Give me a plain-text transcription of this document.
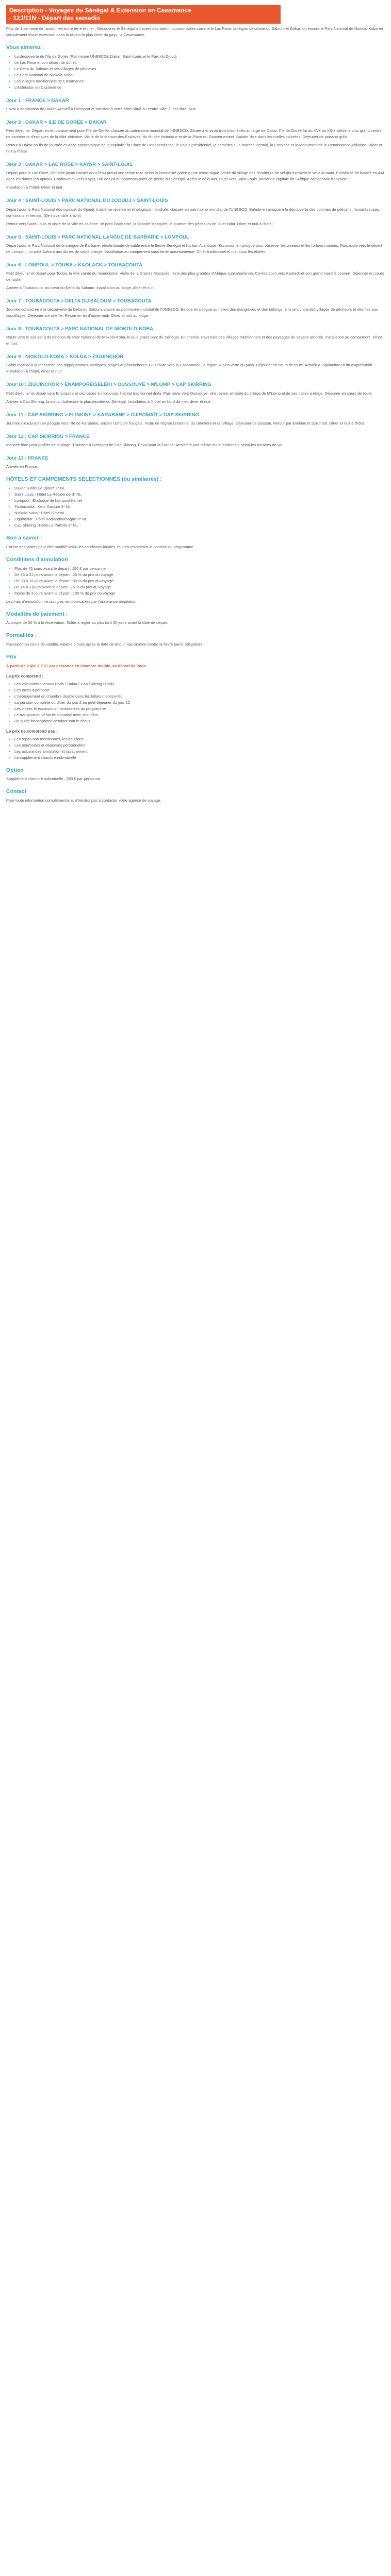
Description - Voyages du Sénégal & Extension en Casamance
- 12J/11N - Départ des samedis

Plus de 1 semaine de randonnée entre terre et mer : Découvrez le Sénégal à travers des sites incontournables comme le Lac Rose, la région deltaïque du Saloum et Dakar, ou encore le Parc National de Niokolo-Koba en complément d'une extension dans la région la plus verte du pays, la Casamance.

Vous aimerez :
• La découverte de l'île de Gorée (Patrimoine UNESCO), Dakar, Saint-Louis et le Parc du Djoudj
• Le Lac Rose et son désert de dunes
• Le Delta du Saloum et ses villages de pêcheurs
• Le Parc National de Niokolo-Koba
• Les villages traditionnels de Casamance
• L'Extension en Casamance
Jour 1 : FRANCE > DAKAR

Envol à destination de Dakar. Accueil à l'aéroport et transfert à votre hôtel situé au centre-ville. Dîner libre. Nuit.

Jour 2 : DAKAR > ILE DE GORÉE > DAKAR

Petit déjeuner. Départ en embarquement pour l'île de Gorée, classée au patrimoine mondial de l'UNESCO. Située à environ trois kilomètres au large de Dakar, l'île de Gorée fut du XVe au XIXe siècle le plus grand centre de commerce d'esclaves de la côte africaine. Visite de la Maison des Esclaves, du Musée historique et de la Place du Gouvernement. Balade libre dans les ruelles colorées. Déjeuner de poisson grillé.

Retour à Dakar en fin de journée et visite panoramique de la capitale : la Place de l'Indépendance, le Palais présidentiel, la cathédrale, le marché Kermel, la Corniche et le Monument de la Renaissance Africaine. Dîner et nuit à l'hôtel.

Jour 3 : DAKAR > LAC ROSE > KAYAR > SAINT-LOUIS

Départ pour le Lac Rose, véritable joyau naturel dont l'eau prend une teinte rose selon la luminosité grâce à une micro-algue. Visite du village des récolteurs de sel qui extraient le sel à la main. Possibilité de balade en 4x4 dans les dunes (en option). Continuation vers Kayar, l'un des plus importants ports de pêche du Sénégal. Après le déjeuner, route vers Saint-Louis, ancienne capitale de l'Afrique occidentale française.

Installation à l'hôtel. Dîner et nuit.

Jour 4 : SAINT-LOUIS > PARC NATIONAL DU DJOUDJ > SAINT-LOUIS

Départ pour le Parc National des oiseaux du Djoudj, troisième réserve ornithologique mondiale, classée au patrimoine mondial de l'UNESCO. Balade en pirogue à la découverte des colonies de pélicans, flamants roses, cormorans et hérons. (De novembre à avril).

Retour vers Saint-Louis et visite de la ville en calèche : le pont Faidherbe, la Grande Mosquée, le quartier des pêcheurs de Guet Ndar. Dîner et nuit à l'hôtel.

Jour 5 : SAINT-LOUIS > PARC NATIONAL LANGUE DE BARBARIE > LOMPOUL

Départ pour le Parc National de la Langue de Barbarie, étroite bande de sable entre le fleuve Sénégal et l'océan Atlantique. Excursion en pirogue pour observer les oiseaux et les tortues marines. Puis route vers le désert de Lompoul, un petit Sahara aux dunes de sable orange. Installation au campement sous tente mauritanienne. Dîner traditionnel et nuit sous les étoiles.

Jour 6 : LOMPOUL > TOUBA > KAOLACK > TOUBACOUTA

Petit déjeuner et départ pour Touba, la ville sainte du mouridisme. Visite de la Grande Mosquée, l'une des plus grandes d'Afrique subsaharienne. Continuation vers Kaolack et son grand marché couvert. Déjeuner en cours de route.

Arrivée à Toubacouta, au cœur du Delta du Saloum. Installation au lodge, dîner et nuit.

Jour 7 : TOUBACOUTA > DELTA DU SALOUM > TOUBACOUTA

Journée consacrée à la découverte du Delta du Saloum, classé au patrimoine mondial de l'UNESCO. Balade en pirogue au milieu des mangroves et des bolongs, à la rencontre des villages de pêcheurs et des îles aux coquillages. Déjeuner sur une île. Retour en fin d'après-midi. Dîner et nuit au lodge.

Jour 8 : TOUBACOUTA > PARC NATIONAL DE NIOKOLO-KOBA

Route vers le sud-est à destination du Parc National de Niokolo-Koba, le plus grand parc du Sénégal. En chemin, traversée des villages traditionnels et des paysages de savane arborée. Installation au campement. Dîner et nuit.

Jour 9 : NIOKOLO-KOBA > KOLDA > ZIGUINCHOR

Safari matinal à la recherche des hippopotames, antilopes, singes et phacochères. Puis route vers la Casamance, la région la plus verte du pays. Déjeuner en cours de route. Arrivée à Ziguinchor en fin d'après-midi. Installation à l'hôtel, dîner et nuit.

Jour 10 : ZIGUINCHOR > ENAMPORE/SELEKI > OUSSOUYE > M'LOMP > CAP SKIRRING

Petit déjeuner et départ vers Enampore et ses cases à impluvium, habitat traditionnel diola. Puis route vers Oussouye, ville royale, et visite du village de M'Lomp et de ses cases à étage. Déjeuner en cours de route.

Arrivée à Cap Skirring, la station balnéaire la plus réputée du Sénégal. Installation à l'hôtel en bord de mer, dîner et nuit.

Jour 11 : CAP SKIRRING > ELINKINE > KARABANE > DJIROMAÏT > CAP SKIRRING

Journée d'excursion en pirogue vers l'île de Karabane, ancien comptoir français. Visite de l'église bretonne, du cimetière et du village. Déjeuner de poisson. Retour par Elinkine et Djiromaït. Dîner et nuit à l'hôtel.

Jour 12 : CAP SKIRRING > FRANCE

Matinée libre pour profiter de la plage. Transfert à l'aéroport de Cap Skirring. Envol pour la France. Arrivée le jour même ou le lendemain selon les horaires de vol.

Jour 13 : FRANCE

Arrivée en France.

HÔTELS ET CAMPEMENTS SÉLECTIONNÉS (ou similaires) :
• Dakar : Hôtel Le Djoloff 3* NL
• Saint-Louis : Hôtel La Résidence 3* NL
• Lompoul : Ecolodge de Lompoul (tente)
• Toubacouta : Keur Saloum 3* NL
• Niokolo-Koba : Hôtel Simenti
• Ziguinchor : Hôtel Kadiandoumagne 3* NL
• Cap Skirring : Hôtel La Paillote 3* NL
Bon à savoir :

L'ordre des visites peut être modifié selon les conditions locales, tout en respectant le contenu du programme.

Conditions d'annulation
• Plus de 45 jours avant le départ : 150 € par personne
• De 45 à 31 jours avant le départ : 25 % du prix du voyage
• De 30 à 15 jours avant le départ : 50 % du prix du voyage
• De 14 à 3 jours avant le départ : 75 % du prix du voyage
• Moins de 3 jours avant le départ : 100 % du prix du voyage

Les frais d'annulation ne sont pas remboursables par l'assurance annulation.

Modalités de paiement :

Acompte de 30 % à la réservation. Solde à régler au plus tard 30 jours avant la date de départ.

Formalités :

Passeport en cours de validité, valable 6 mois après la date de retour. Vaccination contre la fièvre jaune obligatoire.

Prix

À partir de 2 490 € TTC par personne en chambre double, au départ de Paris.

Le prix comprend :
• Les vols internationaux Paris / Dakar / Cap Skirring / Paris
• Les taxes d'aéroport
• L'hébergement en chambre double dans les hôtels mentionnés
• La pension complète du dîner du jour 2 au petit-déjeuner du jour 12
• Les visites et excursions mentionnées au programme
• Le transport en véhicule climatisé avec chauffeur
• Un guide francophone pendant tout le circuit
Le prix ne comprend pas :
• Les repas non mentionnés, les boissons
• Les pourboires et dépenses personnelles
• Les assurances annulation et rapatriement
• Le supplément chambre individuelle
Option

Supplément chambre individuelle : 390 € par personne.

Contact

Pour toute information complémentaire, n'hésitez pas à contacter votre agence de voyage.
